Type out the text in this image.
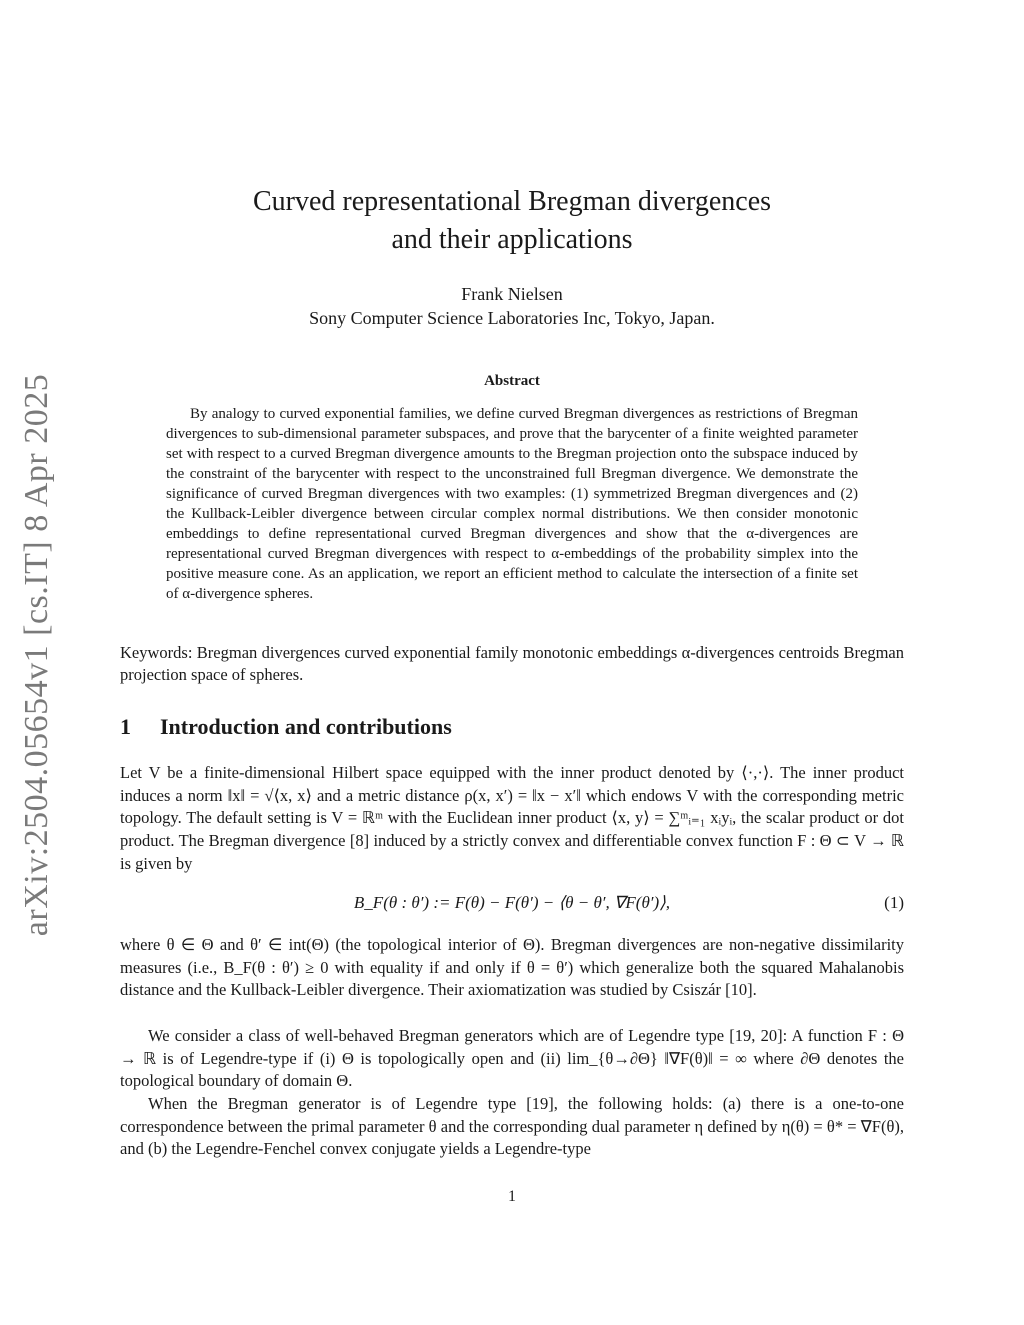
arXiv:2504.05654v1 [cs.IT] 8 Apr 2025
Curved representational Bregman divergences
and their applications
Frank Nielsen
Sony Computer Science Laboratories Inc, Tokyo, Japan.
Abstract

By analogy to curved exponential families, we define curved Bregman divergences as restrictions of Bregman divergences to sub-dimensional parameter subspaces, and prove that the barycenter of a finite weighted parameter set with respect to a curved Bregman divergence amounts to the Bregman projection onto the subspace induced by the constraint of the barycenter with respect to the unconstrained full Bregman divergence. We demonstrate the significance of curved Bregman divergences with two examples: (1) symmetrized Bregman divergences and (2) the Kullback-Leibler divergence between circular complex normal distributions. We then consider monotonic embeddings to define representational curved Bregman divergences and show that the α-divergences are representational curved Bregman divergences with respect to α-embeddings of the probability simplex into the positive measure cone. As an application, we report an efficient method to calculate the intersection of a finite set of α-divergence spheres.

Keywords: Bregman divergences curved exponential family monotonic embeddings α-divergences centroids Bregman projection space of spheres.

1 Introduction and contributions

Let V be a finite-dimensional Hilbert space equipped with the inner product denoted by ⟨·,·⟩. The inner product induces a norm ‖x‖ = √⟨x, x⟩ and a metric distance ρ(x, x′) = ‖x − x′‖ which endows V with the corresponding metric topology. The default setting is V = ℝᵐ with the Euclidean inner product ⟨x, y⟩ = ∑ᵐᵢ₌₁ xᵢyᵢ, the scalar product or dot product. The Bregman divergence [8] induced by a strictly convex and differentiable convex function F : Θ ⊂ V → ℝ is given by

B_F(θ : θ′) := F(θ) − F(θ′) − ⟨θ − θ′, ∇F(θ′)⟩,	(1)

where θ ∈ Θ and θ′ ∈ int(Θ) (the topological interior of Θ). Bregman divergences are non-negative dissimilarity measures (i.e., B_F(θ : θ′) ≥ 0 with equality if and only if θ = θ′) which generalize both the squared Mahalanobis distance and the Kullback-Leibler divergence. Their axiomatization was studied by Csiszár [10].

We consider a class of well-behaved Bregman generators which are of Legendre type [19, 20]: A function F : Θ → ℝ is of Legendre-type if (i) Θ is topologically open and (ii) lim_{θ→∂Θ} ‖∇F(θ)‖ = ∞ where ∂Θ denotes the topological boundary of domain Θ.

When the Bregman generator is of Legendre type [19], the following holds: (a) there is a one-to-one correspondence between the primal parameter θ and the corresponding dual parameter η defined by η(θ) = θ* = ∇F(θ), and (b) the Legendre-Fenchel convex conjugate yields a Legendre-type

1
